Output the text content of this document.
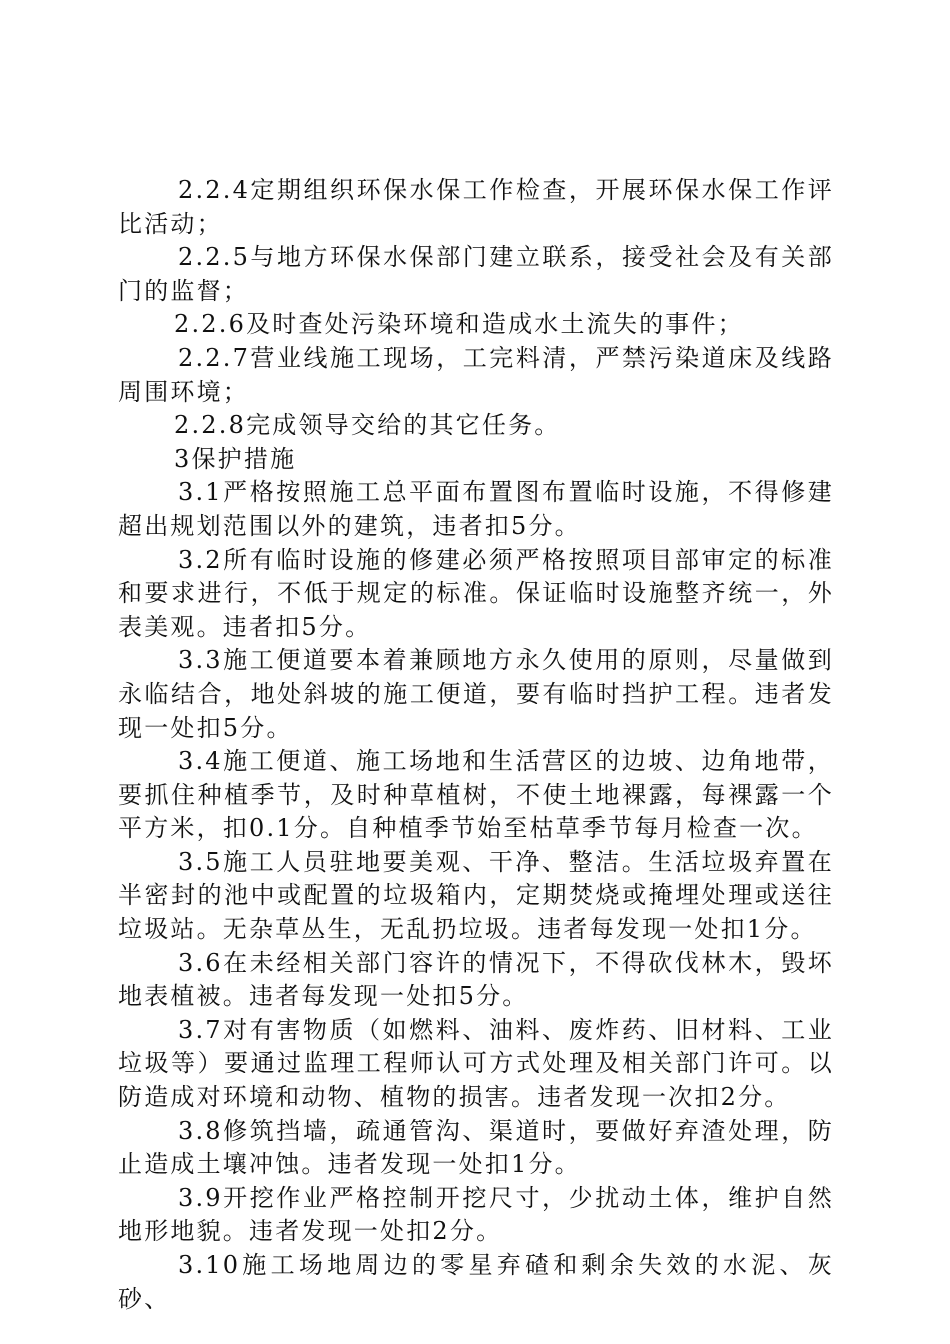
2.2.4定期组织环保水保工作检查，开展环保水保工作评比活动；

2.2.5与地方环保水保部门建立联系，接受社会及有关部门的监督；

2.2.6及时查处污染环境和造成水土流失的事件；

2.2.7营业线施工现场，工完料清，严禁污染道床及线路周围环境；

2.2.8完成领导交给的其它任务。

3保护措施

3.1严格按照施工总平面布置图布置临时设施，不得修建超出规划范围以外的建筑，违者扣5分。

3.2所有临时设施的修建必须严格按照项目部审定的标准和要求进行，不低于规定的标准。保证临时设施整齐统一，外表美观。违者扣5分。

3.3施工便道要本着兼顾地方永久使用的原则，尽量做到永临结合，地处斜坡的施工便道，要有临时挡护工程。违者发现一处扣5分。

3.4施工便道、施工场地和生活营区的边坡、边角地带，要抓住种植季节，及时种草植树，不使土地裸露，每裸露一个平方米，扣0.1分。自种植季节始至枯草季节每月检查一次。

3.5施工人员驻地要美观、干净、整洁。生活垃圾弃置在半密封的池中或配置的垃圾箱内，定期焚烧或掩埋处理或送往垃圾站。无杂草丛生，无乱扔垃圾。违者每发现一处扣1分。

3.6在未经相关部门容许的情况下，不得砍伐林木，毁坏地表植被。违者每发现一处扣5分。

3.7对有害物质（如燃料、油料、废炸药、旧材料、工业垃圾等）要通过监理工程师认可方式处理及相关部门许可。以防造成对环境和动物、植物的损害。违者发现一次扣2分。

3.8修筑挡墙，疏通管沟、渠道时，要做好弃渣处理，防止造成土壤冲蚀。违者发现一处扣1分。

3.9开挖作业严格控制开挖尺寸，少扰动土体，维护自然地形地貌。违者发现一处扣2分。

3.10施工场地周边的零星弃碴和剩余失效的水泥、灰砂、
